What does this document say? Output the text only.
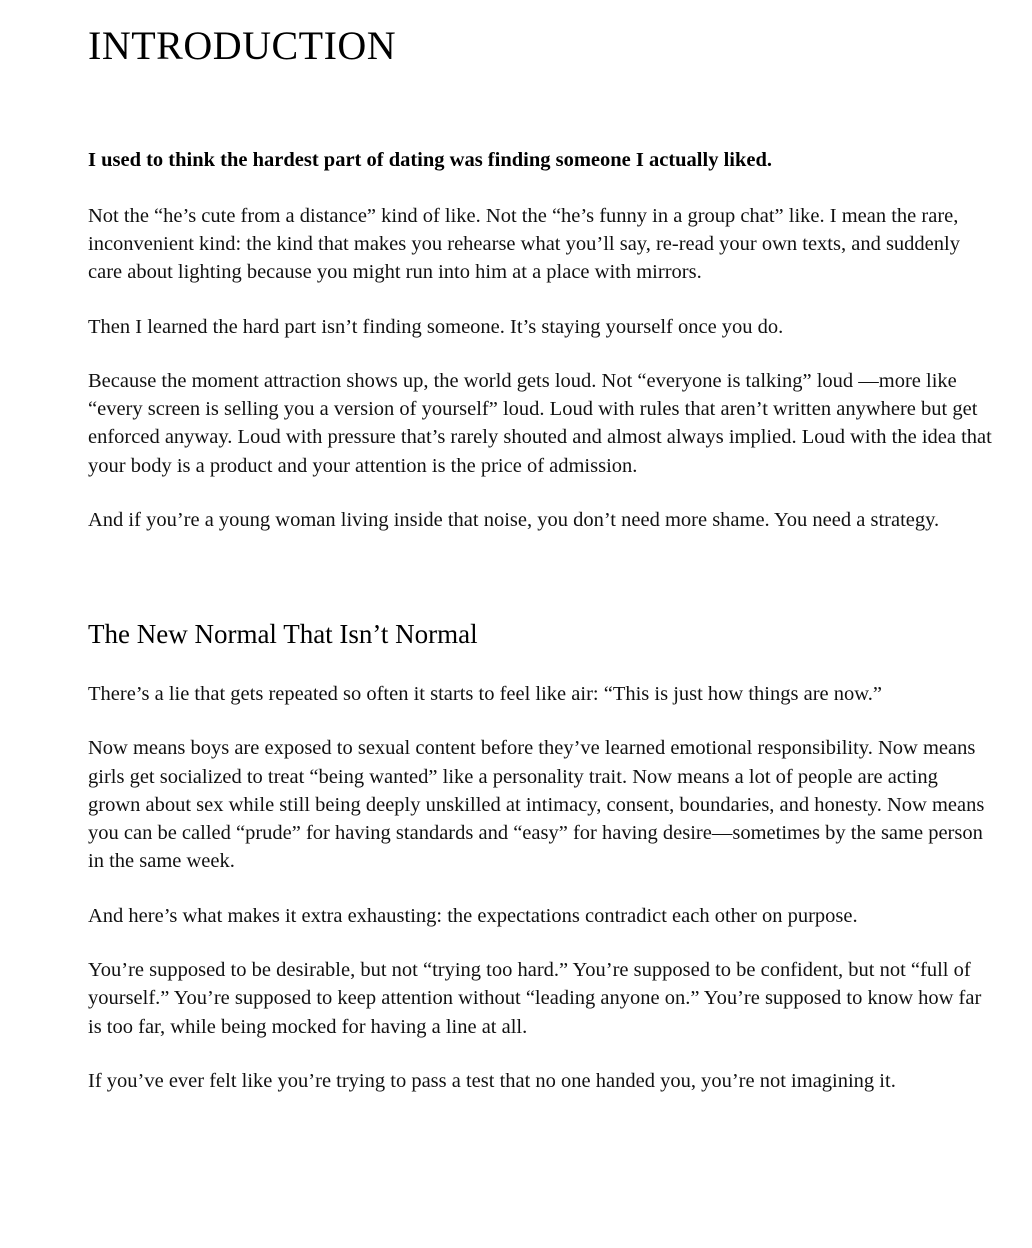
INTRODUCTION

I used to think the hardest part of dating was finding someone I actually liked.

Not the “he’s cute from a distance” kind of like. Not the “he’s funny in a group chat” like. I mean the rare, inconvenient kind: the kind that makes you rehearse what you’ll say, re-read your own texts, and suddenly care about lighting because you might run into him at a place with mirrors.

Then I learned the hard part isn’t finding someone. It’s staying yourself once you do.

Because the moment attraction shows up, the world gets loud. Not “everyone is talking” loud —more like “every screen is selling you a version of yourself” loud. Loud with rules that aren’t written anywhere but get enforced anyway. Loud with pressure that’s rarely shouted and almost always implied. Loud with the idea that your body is a product and your attention is the price of admission.

And if you’re a young woman living inside that noise, you don’t need more shame. You need a strategy.

The New Normal That Isn’t Normal

There’s a lie that gets repeated so often it starts to feel like air: “This is just how things are now.”

Now means boys are exposed to sexual content before they’ve learned emotional responsibility. Now means girls get socialized to treat “being wanted” like a personality trait. Now means a lot of people are acting grown about sex while still being deeply unskilled at intimacy, consent, boundaries, and honesty. Now means you can be called “prude” for having standards and “easy” for having desire—sometimes by the same person in the same week.

And here’s what makes it extra exhausting: the expectations contradict each other on purpose.

You’re supposed to be desirable, but not “trying too hard.” You’re supposed to be confident, but not “full of yourself.” You’re supposed to keep attention without “leading anyone on.” You’re supposed to know how far is too far, while being mocked for having a line at all.

If you’ve ever felt like you’re trying to pass a test that no one handed you, you’re not imagining it.
